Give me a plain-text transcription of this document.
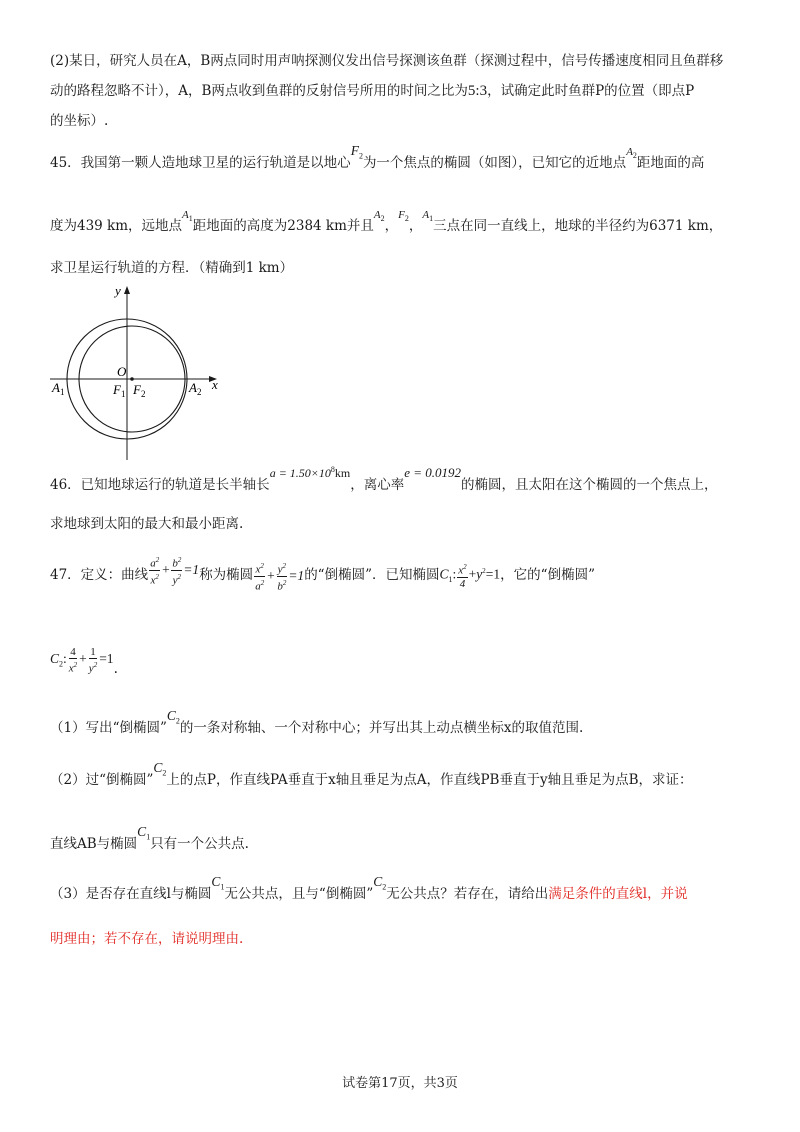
(2)某日，研究人员在A，B两点同时用声呐探测仪发出信号探测该鱼群（探测过程中，信号传播速度相同且鱼群移
动的路程忽略不计），A，B两点收到鱼群的反射信号所用的时间之比为5:3，试确定此时鱼群P的位置（即点P
的坐标）.
45．我国第一颗人造地球卫星的运行轨道是以地心$F_2$为一个焦点的椭圆（如图），已知它的近地点$A_2$距地面的高
度为439 km，远地点$A_1$距地面的高度为2384 km并且$A_2$，$F_2$，$A_1$三点在同一直线上，地球的半径约为6371 km，
求卫星运行轨道的方程．（精确到1 km）
y
x
O
$A_1$	$F_1$ $F_2$	$A_2$
46．已知地球运行的轨道是长半轴长$a = 1.50\times 10^8km$，离心率e = 0.0192的椭圆，且太阳在这个椭圆的一个焦点上，
求地球到太阳的最大和最小距离.
47．定义：曲线 $\frac{a^2}{x^2} + \frac{b^2}{y^2} =1$称为椭圆 $\frac{x^2}{a^2} + \frac{y^2}{b^2} =1$的“倒椭圆”．已知椭圆$C_1$: $\frac{x^2}{4} +y^2=1$，它的“倒椭圆”
$C_2$: $\frac{4}{x^2} + \frac{1}{y^2} =1$.
（1）写出“倒椭圆$”C_2$的一条对称轴、一个对称中心；并写出其上动点横坐标x的取值范围.
（2）过“倒椭圆$”C_2$上的点P，作直线PA垂直于x轴且垂足为点A，作直线PB垂直于y轴且垂足为点B，求证：
直线AB与椭圆$C_1$只有一个公共点.
（3）是否存在直线l与椭圆$C_1$无公共点，且与“倒椭圆$”C_2$无公共点？若存在，请给出满足条件的直线l，并说
明理由；若不存在，请说明理由.
试卷第17页，共3页
